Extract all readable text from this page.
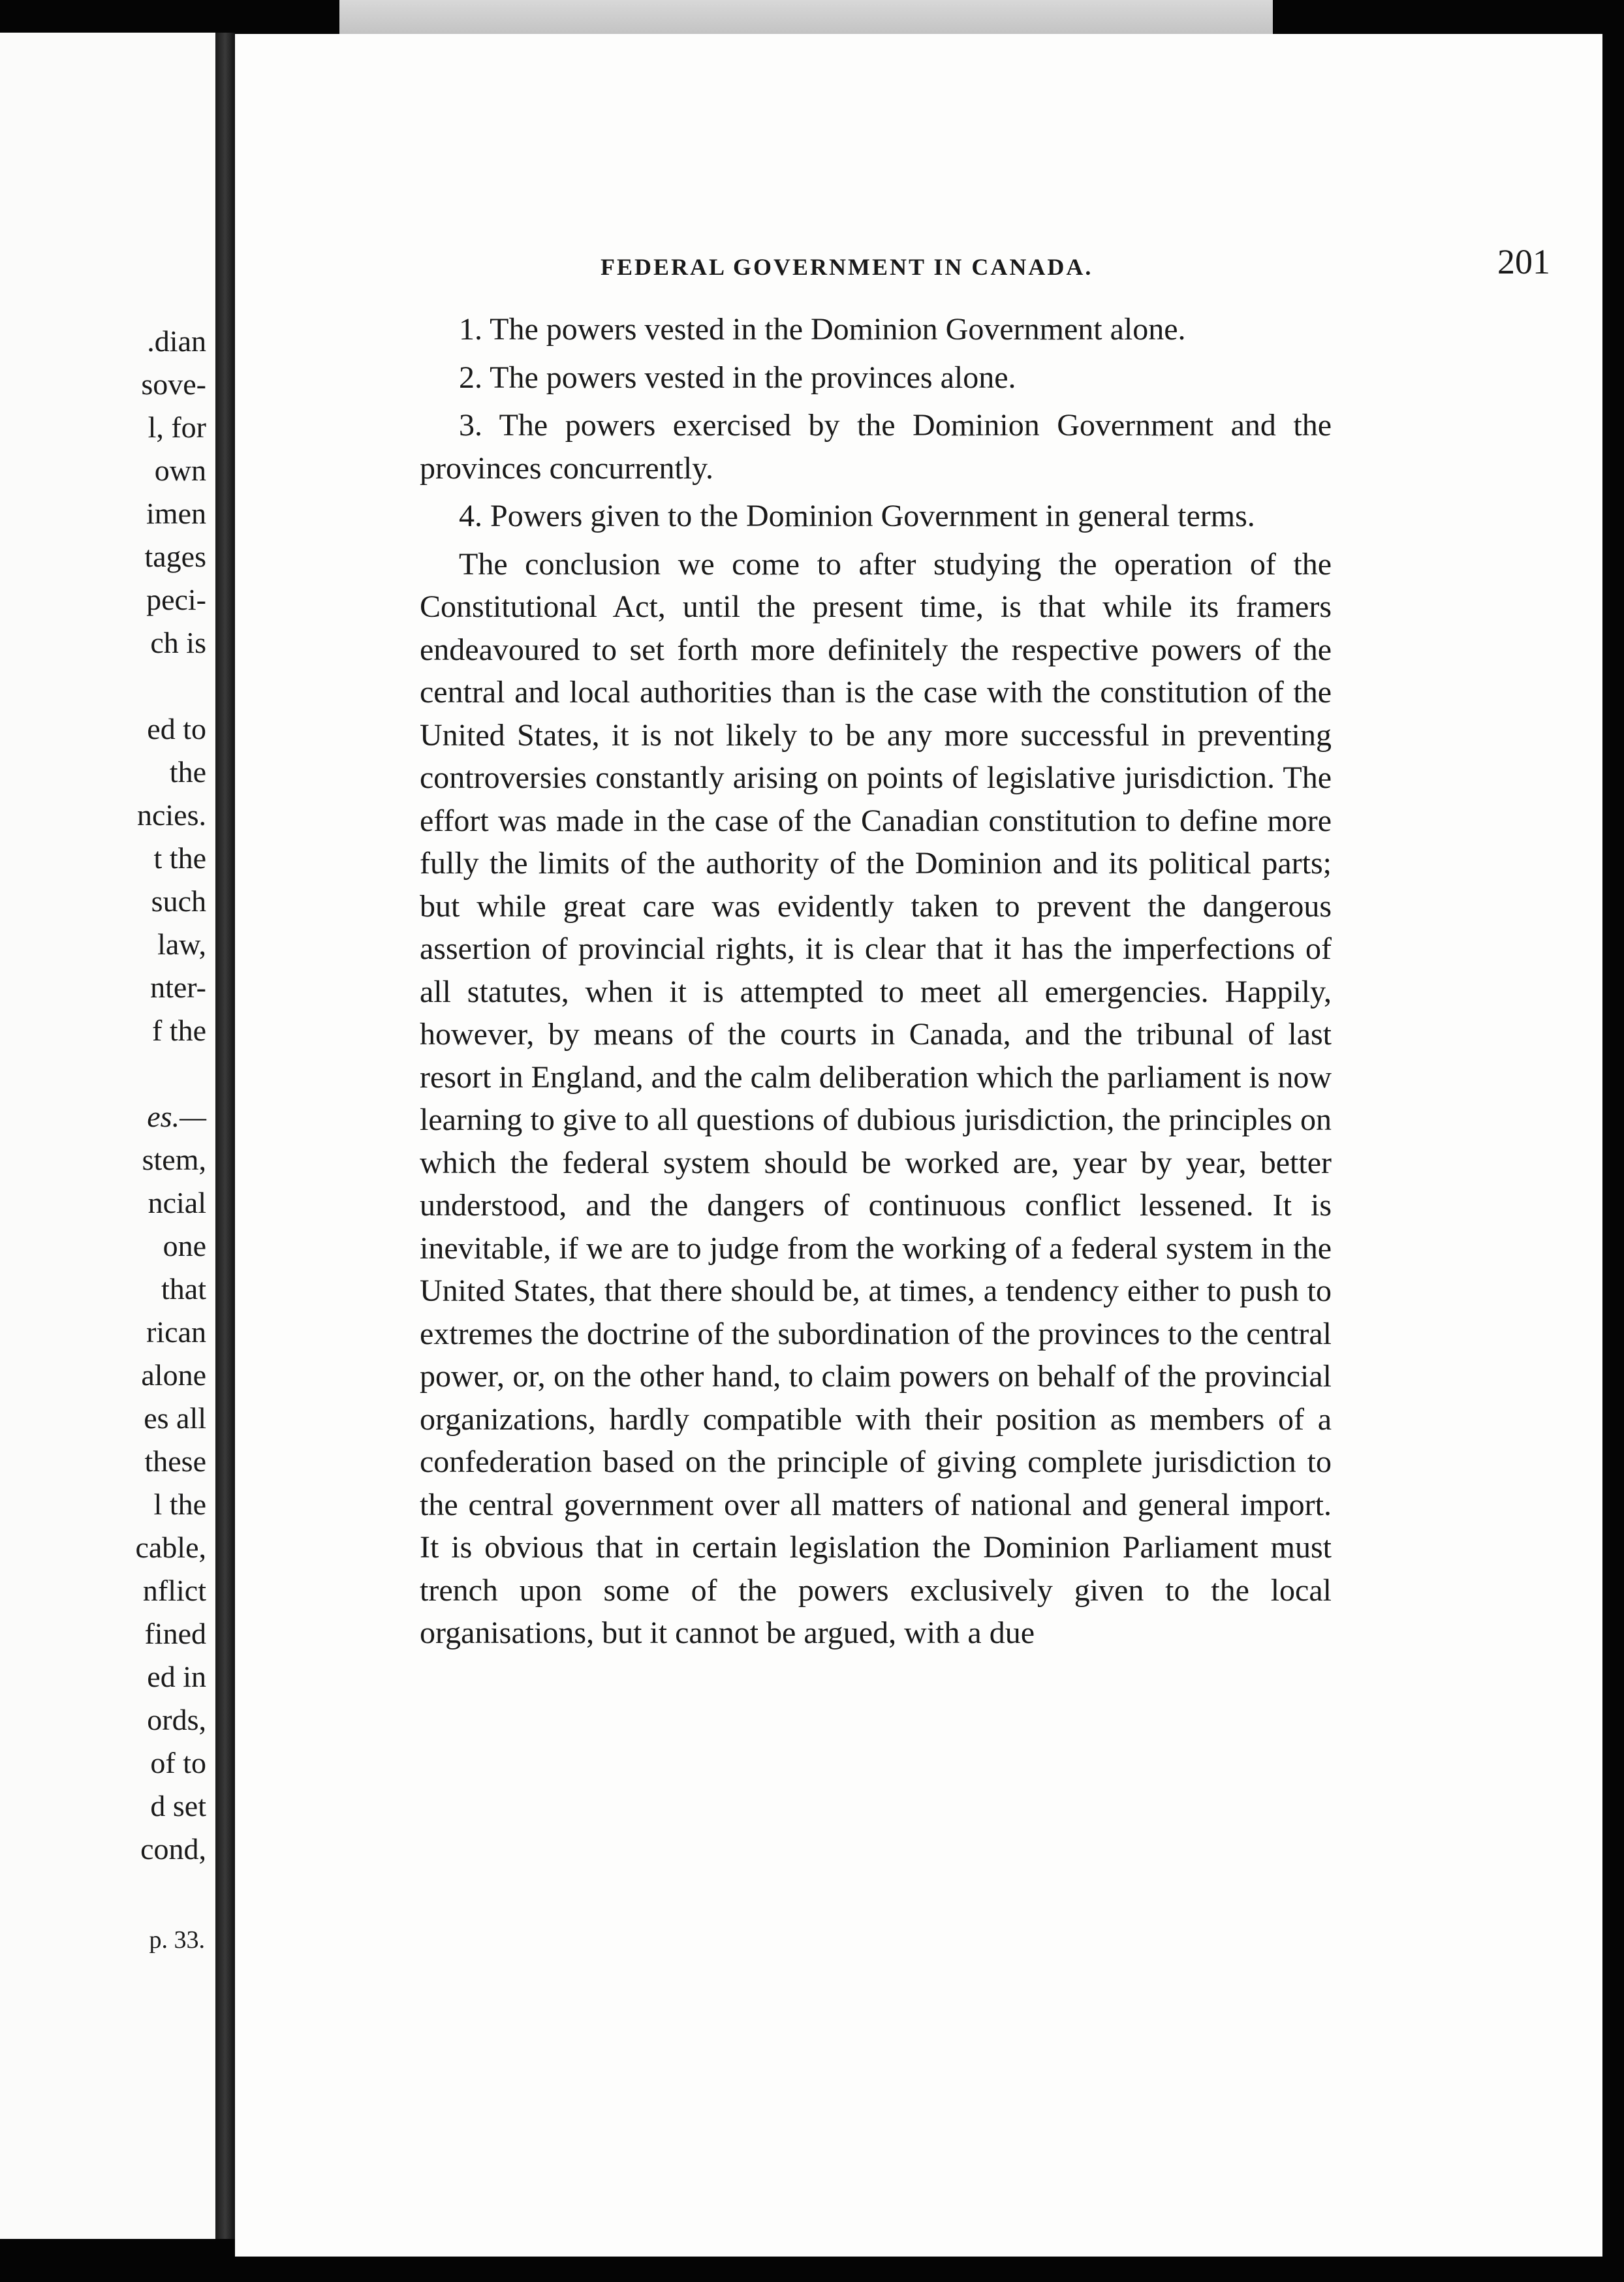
.dian
sove-
l, for
own
imen
tages
peci-
ch is
ed to
the
ncies.
t the
such
law,
nter-
f the
es.—
stem,
ncial
one
that
rican
alone
es all
these
l the
cable,
nflict
fined
ed in
ords,
of to
d set
cond,
p. 33.
FEDERAL GOVERNMENT IN CANADA.	201

1. The powers vested in the Dominion Government alone.

2. The powers vested in the provinces alone.

3. The powers exercised by the Dominion Government and the provinces concurrently.

4. Powers given to the Dominion Government in general terms.

The conclusion we come to after studying the operation of the Constitutional Act, until the present time, is that while its framers endeavoured to set forth more definitely the respective powers of the central and local authorities than is the case with the constitution of the United States, it is not likely to be any more successful in preventing controversies constantly arising on points of legislative jurisdiction. The effort was made in the case of the Canadian constitution to define more fully the limits of the authority of the Dominion and its political parts; but while great care was evidently taken to prevent the dangerous assertion of provincial rights, it is clear that it has the imperfections of all statutes, when it is attempted to meet all emergencies. Happily, however, by means of the courts in Canada, and the tribunal of last resort in England, and the calm deliberation which the parliament is now learning to give to all questions of dubious jurisdiction, the principles on which the federal system should be worked are, year by year, better understood, and the dangers of continuous conflict lessened. It is inevitable, if we are to judge from the working of a federal system in the United States, that there should be, at times, a tendency either to push to extremes the doctrine of the subordination of the provinces to the central power, or, on the other hand, to claim powers on behalf of the provincial organizations, hardly compatible with their position as members of a confederation based on the principle of giving complete jurisdiction to the central government over all matters of national and general import. It is obvious that in certain legislation the Dominion Parliament must trench upon some of the powers exclusively given to the local organisations, but it cannot be argued, with a due
